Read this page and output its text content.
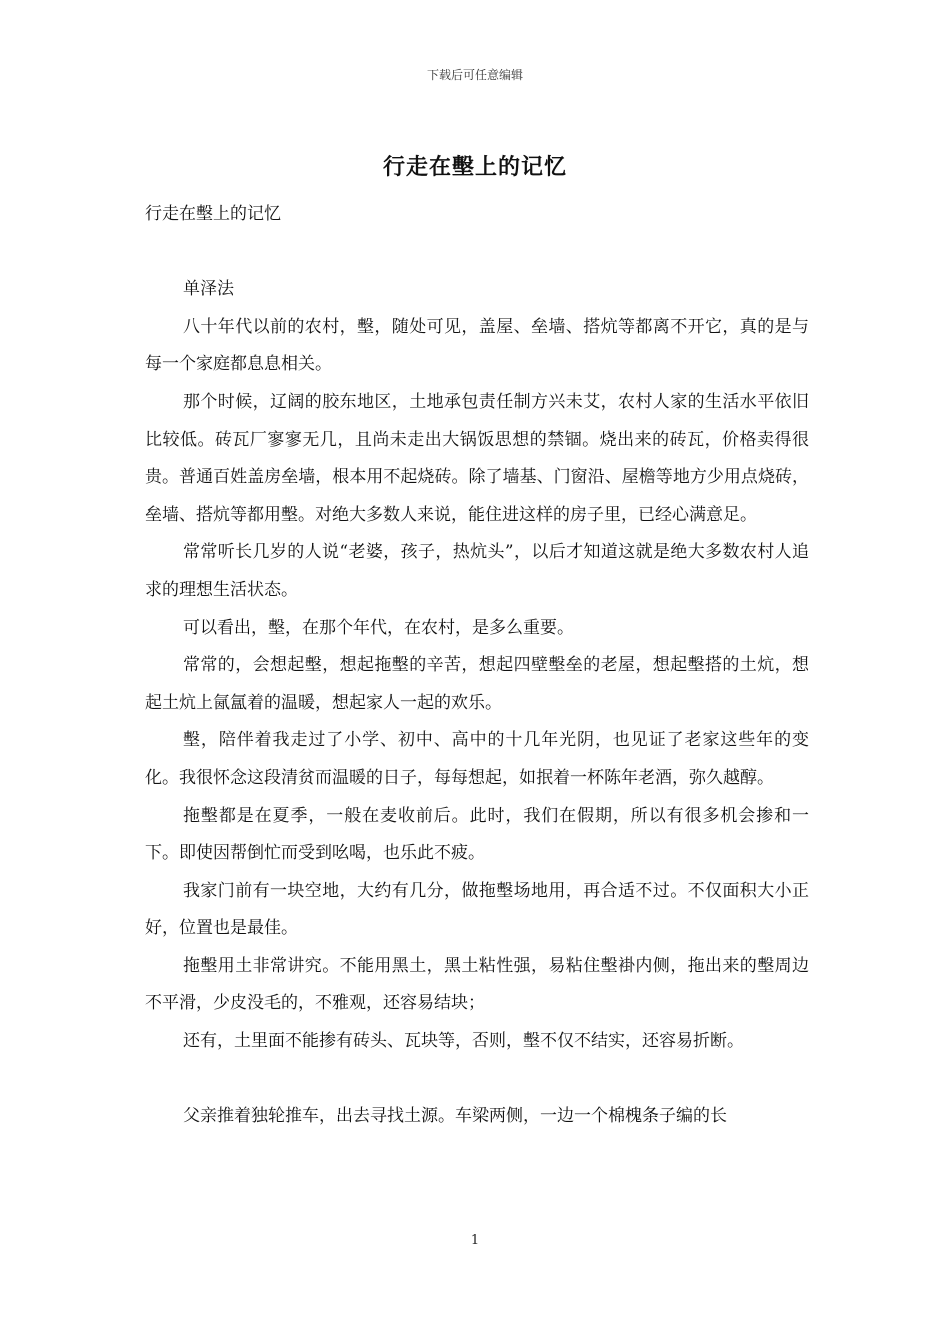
下载后可任意编辑
行走在墼上的记忆

行走在墼上的记忆

单泽法

八十年代以前的农村，墼，随处可见，盖屋、垒墙、搭炕等都离不开它，真的是与每一个家庭都息息相关。

那个时候，辽阔的胶东地区，土地承包责任制方兴未艾，农村人家的生活水平依旧比较低。砖瓦厂寥寥无几，且尚未走出大锅饭思想的禁锢。烧出来的砖瓦，价格卖得很贵。普通百姓盖房垒墙，根本用不起烧砖。除了墙基、门窗沿、屋檐等地方少用点烧砖，垒墙、搭炕等都用墼。对绝大多数人来说，能住进这样的房子里，已经心满意足。

常常听长几岁的人说“老婆，孩子，热炕头”，以后才知道这就是绝大多数农村人追求的理想生活状态。

可以看出，墼，在那个年代，在农村，是多么重要。

常常的，会想起墼，想起拖墼的辛苦，想起四壁墼垒的老屋，想起墼搭的土炕，想起土炕上氤氲着的温暖，想起家人一起的欢乐。

墼，陪伴着我走过了小学、初中、高中的十几年光阴，也见证了老家这些年的变化。我很怀念这段清贫而温暖的日子，每每想起，如抿着一杯陈年老酒，弥久越醇。

拖墼都是在夏季，一般在麦收前后。此时，我们在假期，所以有很多机会掺和一下。即使因帮倒忙而受到吆喝，也乐此不疲。

我家门前有一块空地，大约有几分，做拖墼场地用，再合适不过。不仅面积大小正好，位置也是最佳。

拖墼用土非常讲究。不能用黑土，黑土粘性强，易粘住墼褂内侧，拖出来的墼周边不平滑，少皮没毛的，不雅观，还容易结块；

还有，土里面不能掺有砖头、瓦块等，否则，墼不仅不结实，还容易折断。

父亲推着独轮推车，出去寻找土源。车梁两侧，一边一个棉槐条子编的长

1
